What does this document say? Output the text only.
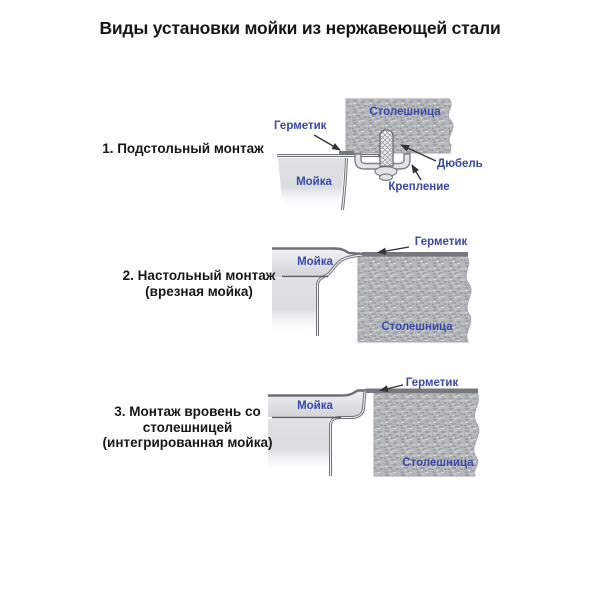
Виды установки мойки из нержавеющей стали
1. Подстольный монтаж
2. Настольный монтаж
(врезная мойка)
3. Монтаж вровень со
столешницей
(интегрированная мойка)
Столешница
Герметик
Мойка
Дюбель
Крепление
Герметик
Мойка
Столешница
Герметик
Мойка
Столешница
